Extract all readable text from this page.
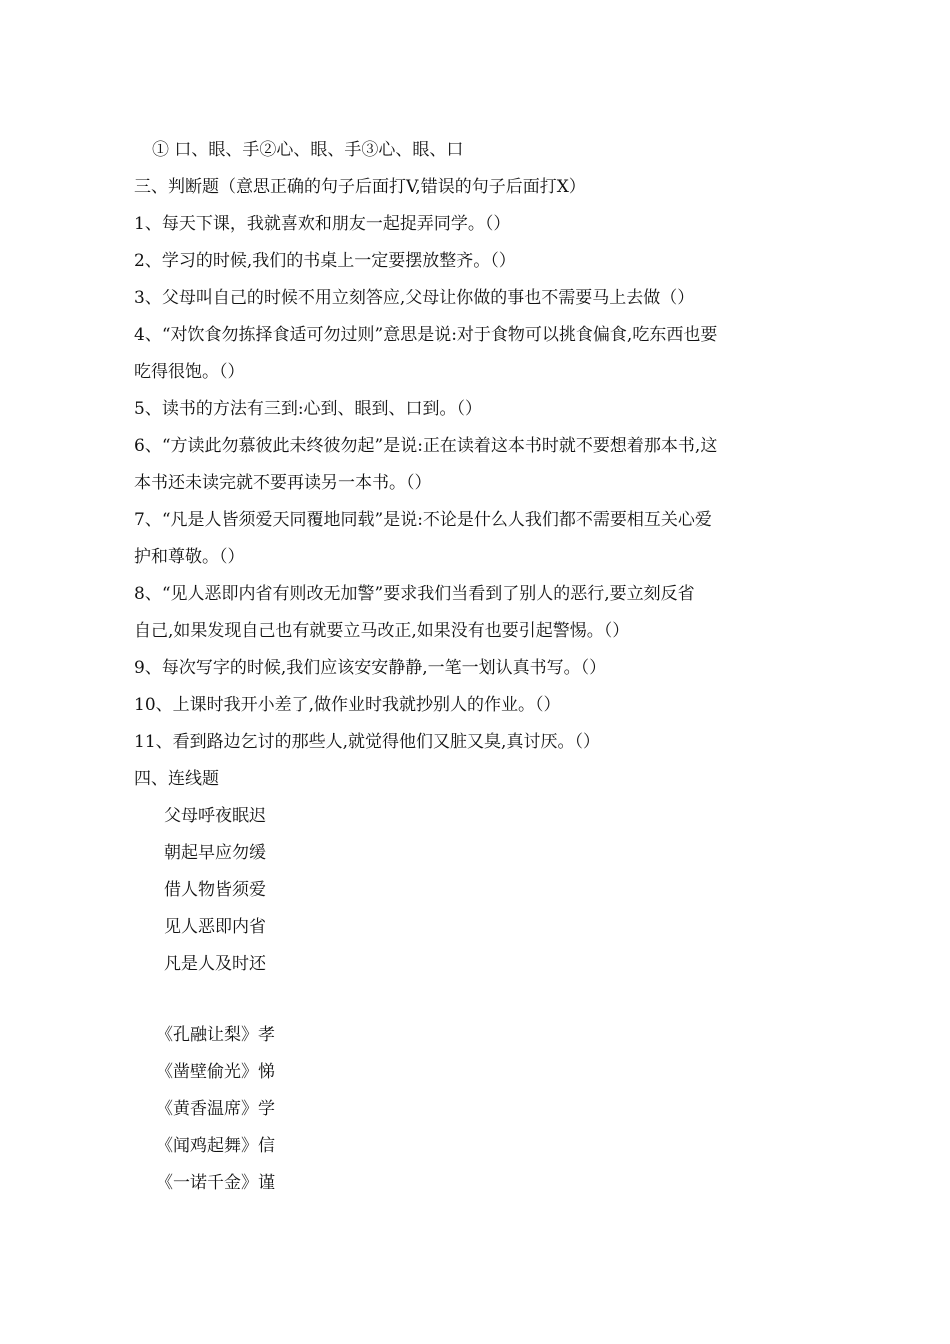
① 口、眼、手②心、眼、手③心、眼、口
三、判断题（意思正确的句子后面打V,错误的句子后面打X）
1、每天下课，我就喜欢和朋友一起捉弄同学。（）
2、学习的时候,我们的书桌上一定要摆放整齐。（）
3、父母叫自己的时候不用立刻答应,父母让你做的事也不需要马上去做（）
4、“对饮食勿拣择食适可勿过则”意思是说:对于食物可以挑食偏食,吃东西也要
吃得很饱。（）
5、读书的方法有三到:心到、眼到、口到。（）
6、“方读此勿慕彼此未终彼勿起”是说:正在读着这本书时就不要想着那本书,这
本书还未读完就不要再读另一本书。（）
7、“凡是人皆须爱天同覆地同载”是说:不论是什么人我们都不需要相互关心爱
护和尊敬。（）
8、“见人恶即内省有则改无加警”要求我们当看到了别人的恶行,要立刻反省
自己,如果发现自己也有就要立马改正,如果没有也要引起警惕。（）
9、每次写字的时候,我们应该安安静静,一笔一划认真书写。（）
10、上课时我开小差了,做作业时我就抄别人的作业。（）
11、看到路边乞讨的那些人,就觉得他们又脏又臭,真讨厌。（）
四、连线题
父母呼夜眠迟
朝起早应勿缓
借人物皆须爱
见人恶即内省
凡是人及时还
《孔融让梨》孝
《凿壁偷光》悌
《黄香温席》学
《闻鸡起舞》信
《一诺千金》谨
